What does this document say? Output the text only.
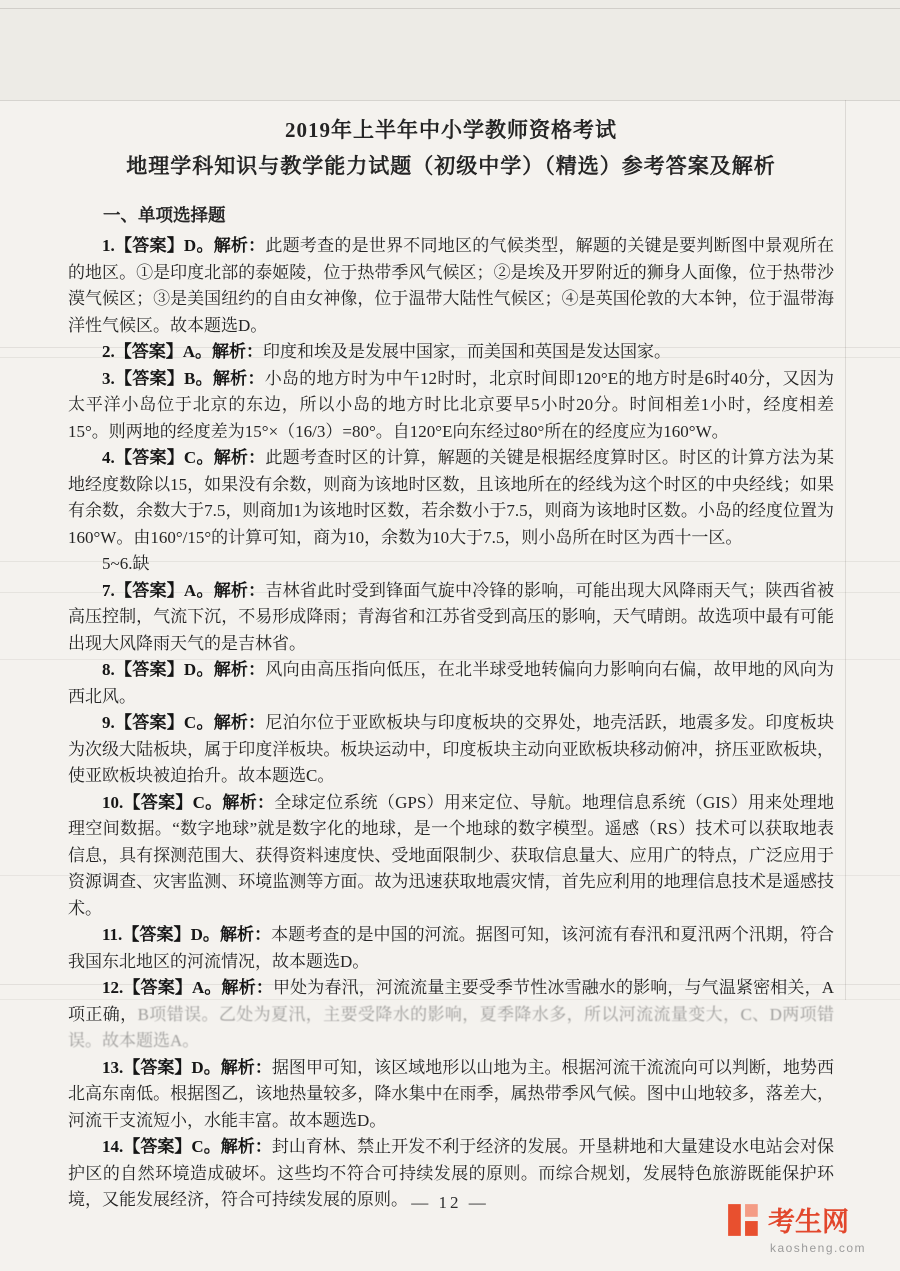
2019年上半年中小学教师资格考试
地理学科知识与教学能力试题（初级中学）（精选）参考答案及解析
一、单项选择题

1.【答案】D。解析：此题考查的是世界不同地区的气候类型，解题的关键是要判断图中景观所在的地区。①是印度北部的泰姬陵，位于热带季风气候区；②是埃及开罗附近的狮身人面像，位于热带沙漠气候区；③是美国纽约的自由女神像，位于温带大陆性气候区；④是英国伦敦的大本钟，位于温带海洋性气候区。故本题选D。

2.【答案】A。解析：印度和埃及是发展中国家，而美国和英国是发达国家。

3.【答案】B。解析：小岛的地方时为中午12时时，北京时间即120°E的地方时是6时40分，又因为太平洋小岛位于北京的东边，所以小岛的地方时比北京要早5小时20分。时间相差1小时，经度相差15°。则两地的经度差为15°×（16/3）=80°。自120°E向东经过80°所在的经度应为160°W。

4.【答案】C。解析：此题考查时区的计算，解题的关键是根据经度算时区。时区的计算方法为某地经度数除以15，如果没有余数，则商为该地时区数，且该地所在的经线为这个时区的中央经线；如果有余数，余数大于7.5，则商加1为该地时区数，若余数小于7.5，则商为该地时区数。小岛的经度位置为160°W。由160°/15°的计算可知，商为10，余数为10大于7.5，则小岛所在时区为西十一区。

5~6.缺

7.【答案】A。解析：吉林省此时受到锋面气旋中冷锋的影响，可能出现大风降雨天气；陕西省被高压控制，气流下沉，不易形成降雨；青海省和江苏省受到高压的影响，天气晴朗。故选项中最有可能出现大风降雨天气的是吉林省。

8.【答案】D。解析：风向由高压指向低压，在北半球受地转偏向力影响向右偏，故甲地的风向为西北风。

9.【答案】C。解析：尼泊尔位于亚欧板块与印度板块的交界处，地壳活跃，地震多发。印度板块为次级大陆板块，属于印度洋板块。板块运动中，印度板块主动向亚欧板块移动俯冲，挤压亚欧板块，使亚欧板块被迫抬升。故本题选C。

10.【答案】C。解析：全球定位系统（GPS）用来定位、导航。地理信息系统（GIS）用来处理地理空间数据。“数字地球”就是数字化的地球，是一个地球的数字模型。遥感（RS）技术可以获取地表信息，具有探测范围大、获得资料速度快、受地面限制少、获取信息量大、应用广的特点，广泛应用于资源调查、灾害监测、环境监测等方面。故为迅速获取地震灾情，首先应利用的地理信息技术是遥感技术。

11.【答案】D。解析：本题考查的是中国的河流。据图可知，该河流有春汛和夏汛两个汛期，符合我国东北地区的河流情况，故本题选D。

12.【答案】A。解析：甲处为春汛，河流流量主要受季节性冰雪融水的影响，与气温紧密相关，A项正确，B项错误。乙处为夏汛，主要受降水的影响，夏季降水多，所以河流流量变大，C、D两项错误。故本题选A。

13.【答案】D。解析：据图甲可知，该区域地形以山地为主。根据河流干流流向可以判断，地势西北高东南低。根据图乙，该地热量较多，降水集中在雨季，属热带季风气候。图中山地较多，落差大，河流干支流短小，水能丰富。故本题选D。

14.【答案】C。解析：封山育林、禁止开发不利于经济的发展。开垦耕地和大量建设水电站会对保护区的自然环境造成破坏。这些均不符合可持续发展的原则。而综合规划，发展特色旅游既能保护环境，又能发展经济，符合可持续发展的原则。 — 12 —
考生网
kaosheng.com
